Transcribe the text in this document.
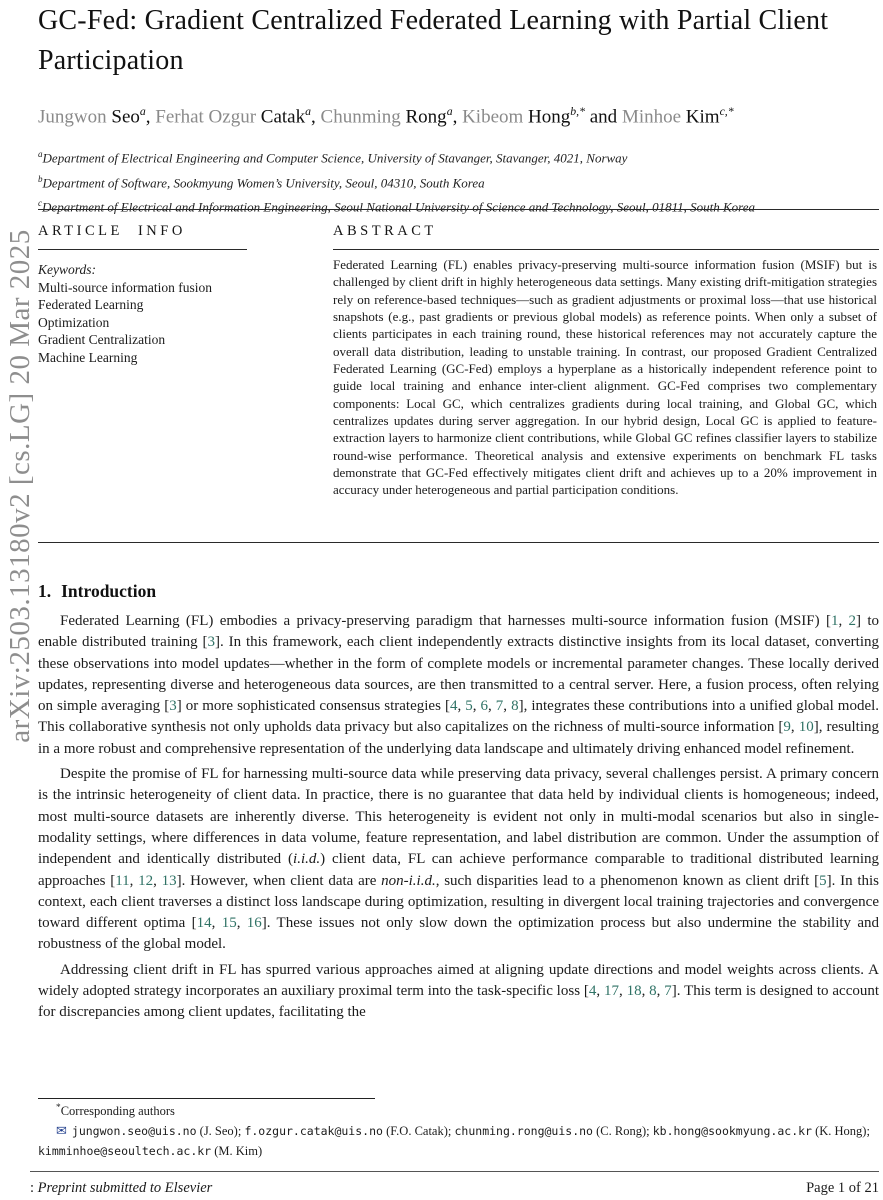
arXiv:2503.13180v2 [cs.LG] 20 Mar 2025
GC-Fed: Gradient Centralized Federated Learning with Partial Client Participation
Jungwon Seo$^a$, Ferhat Ozgur Catak$^a$, Chunming Rong$^a$, Kibeom Hong$^{b,*}$ and Minhoe Kim$^{c,*}$
$^a$Department of Electrical Engineering and Computer Science, University of Stavanger, Stavanger, 4021, Norway
$^b$Department of Software, Sookmyung Women’s University, Seoul, 04310, South Korea
$^c$Department of Electrical and Information Engineering, Seoul National University of Science and Technology, Seoul, 01811, South Korea
ARTICLE INFO
Keywords:
Multi-source information fusion
Federated Learning
Optimization
Gradient Centralization
Machine Learning
ABSTRACT
Federated Learning (FL) enables privacy-preserving multi-source information fusion (MSIF) but is challenged by client drift in highly heterogeneous data settings. Many existing drift-mitigation strategies rely on reference-based techniques—such as gradient adjustments or proximal loss—that use historical snapshots (e.g., past gradients or previous global models) as reference points. When only a subset of clients participates in each training round, these historical references may not accurately capture the overall data distribution, leading to unstable training. In contrast, our proposed Gradient Centralized Federated Learning (GC-Fed) employs a hyperplane as a historically independent reference point to guide local training and enhance inter-client alignment. GC-Fed comprises two complementary components: Local GC, which centralizes gradients during local training, and Global GC, which centralizes updates during server aggregation. In our hybrid design, Local GC is applied to feature-extraction layers to harmonize client contributions, while Global GC refines classifier layers to stabilize round-wise performance. Theoretical analysis and extensive experiments on benchmark FL tasks demonstrate that GC-Fed effectively mitigates client drift and achieves up to a 20% improvement in accuracy under heterogeneous and partial participation conditions.
1. Introduction

Federated Learning (FL) embodies a privacy-preserving paradigm that harnesses multi-source information fusion (MSIF) [1, 2] to enable distributed training [3]. In this framework, each client independently extracts distinctive insights from its local dataset, converting these observations into model updates—whether in the form of complete models or incremental parameter changes. These locally derived updates, representing diverse and heterogeneous data sources, are then transmitted to a central server. Here, a fusion process, often relying on simple averaging [3] or more sophisticated consensus strategies [4, 5, 6, 7, 8], integrates these contributions into a unified global model. This collaborative synthesis not only upholds data privacy but also capitalizes on the richness of multi-source information [9, 10], resulting in a more robust and comprehensive representation of the underlying data landscape and ultimately driving enhanced model refinement.

Despite the promise of FL for harnessing multi-source data while preserving data privacy, several challenges persist. A primary concern is the intrinsic heterogeneity of client data. In practice, there is no guarantee that data held by individual clients is homogeneous; indeed, most multi-source datasets are inherently diverse. This heterogeneity is evident not only in multi-modal scenarios but also in single-modality settings, where differences in data volume, feature representation, and label distribution are common. Under the assumption of independent and identically distributed (i.i.d.) client data, FL can achieve performance comparable to traditional distributed learning approaches [11, 12, 13]. However, when client data are non-i.i.d., such disparities lead to a phenomenon known as client drift [5]. In this context, each client traverses a distinct loss landscape during optimization, resulting in divergent local training trajectories and convergence toward different optima [14, 15, 16]. These issues not only slow down the optimization process but also undermine the stability and robustness of the global model.

Addressing client drift in FL has spurred various approaches aimed at aligning update directions and model weights across clients. A widely adopted strategy incorporates an auxiliary proximal term into the task-specific loss [4, 17, 18, 8, 7]. This term is designed to account for discrepancies among client updates, facilitating the

*Corresponding authors
✉ jungwon.seo@uis.no (J. Seo); f.ozgur.catak@uis.no (F.O. Catak); chunming.rong@uis.no (C. Rong); kb.hong@sookmyung.ac.kr (K. Hong); kimminhoe@seoultech.ac.kr (M. Kim)
: Preprint submitted to Elsevier	Page 1 of 21
